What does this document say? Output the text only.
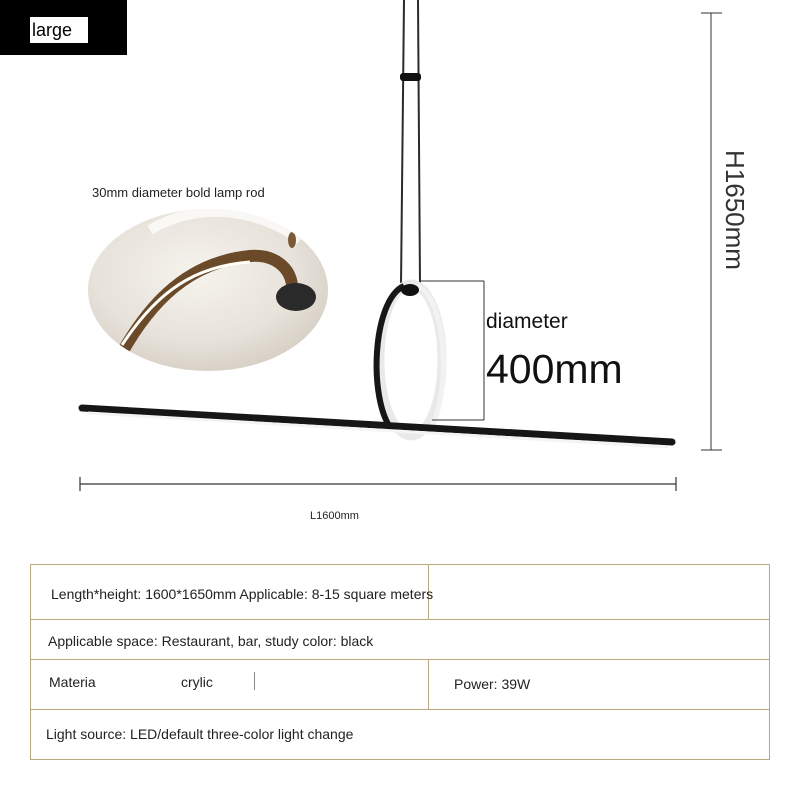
large
30mm diameter bold lamp rod	H1650mm
diameter
400mm
L1600mm
Length*height: 1600*1650mm Applicable: 8-15 square meters
Applicable space: Restaurant, bar, study color: black
Materia	crylic	Power: 39W
Light source: LED/default three-color light change
